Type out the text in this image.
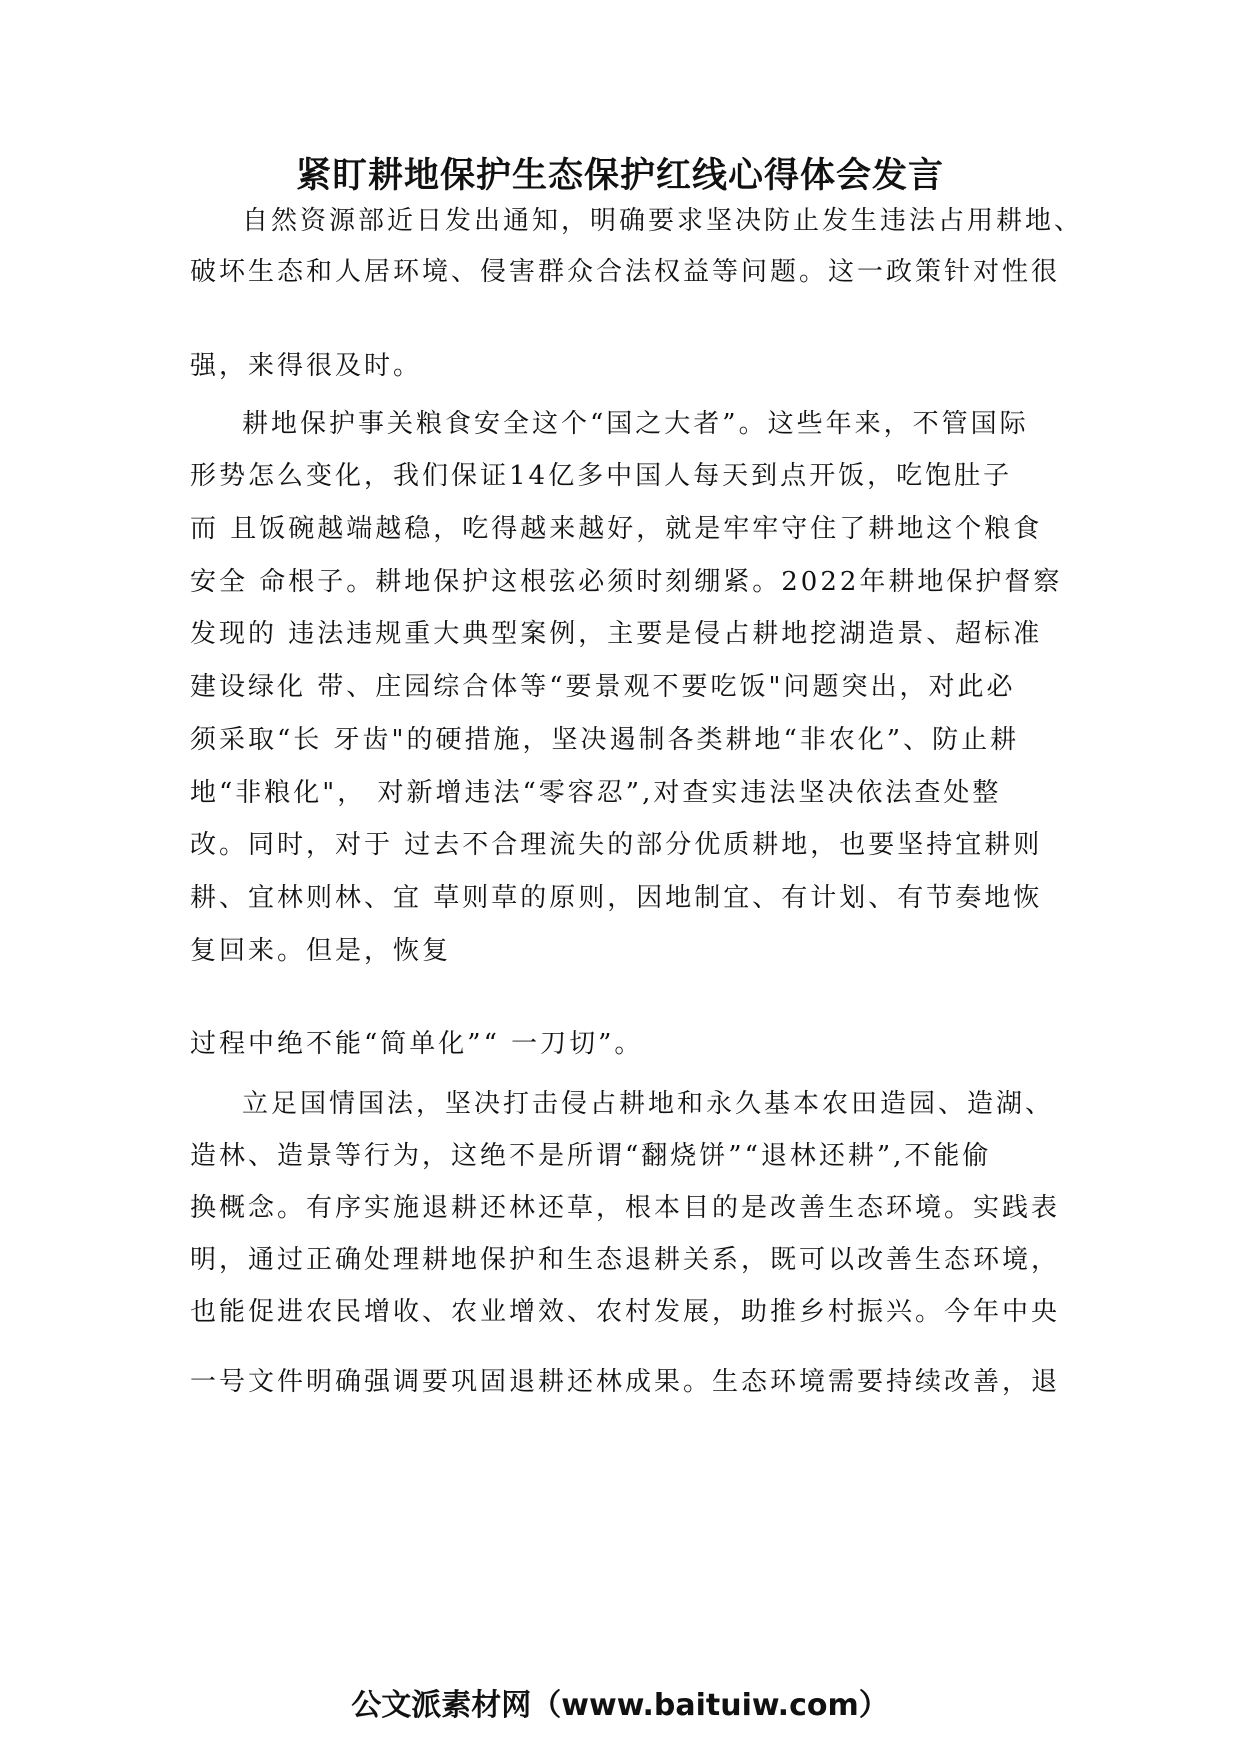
紧盯耕地保护生态保护红线心得体会发言

自然资源部近日发出通知，明确要求坚决防止发生违法占用耕地、

破坏生态和人居环境、侵害群众合法权益等问题。这一政策针对性很

强，来得很及时。

耕地保护事关粮食安全这个“国之大者”。这些年来，不管国际

形势怎么变化，我们保证14亿多中国人每天到点开饭，吃饱肚子

而 且饭碗越端越稳，吃得越来越好，就是牢牢守住了耕地这个粮食

安全 命根子。耕地保护这根弦必须时刻绷紧。2022年耕地保护督察

发现的 违法违规重大典型案例，主要是侵占耕地挖湖造景、超标准

建设绿化 带、庄园综合体等“要景观不要吃饭"问题突出，对此必

须采取“长 牙齿"的硬措施，坚决遏制各类耕地“非农化”、防止耕

地“非粮化"， 对新增违法“零容忍”,对查实违法坚决依法查处整

改。同时，对于 过去不合理流失的部分优质耕地，也要坚持宜耕则

耕、宜林则林、宜 草则草的原则，因地制宜、有计划、有节奏地恢

复回来。但是，恢复

过程中绝不能“简单化”“ 一刀切”。

立足国情国法，坚决打击侵占耕地和永久基本农田造园、造湖、

造林、造景等行为，这绝不是所谓“翻烧饼”“退林还耕”,不能偷

换概念。有序实施退耕还林还草，根本目的是改善生态环境。实践表

明，通过正确处理耕地保护和生态退耕关系，既可以改善生态环境，

也能促进农民增收、农业增效、农村发展，助推乡村振兴。今年中央

一号文件明确强调要巩固退耕还林成果。生态环境需要持续改善，退

公文派素材网（www.baituiw.com）
